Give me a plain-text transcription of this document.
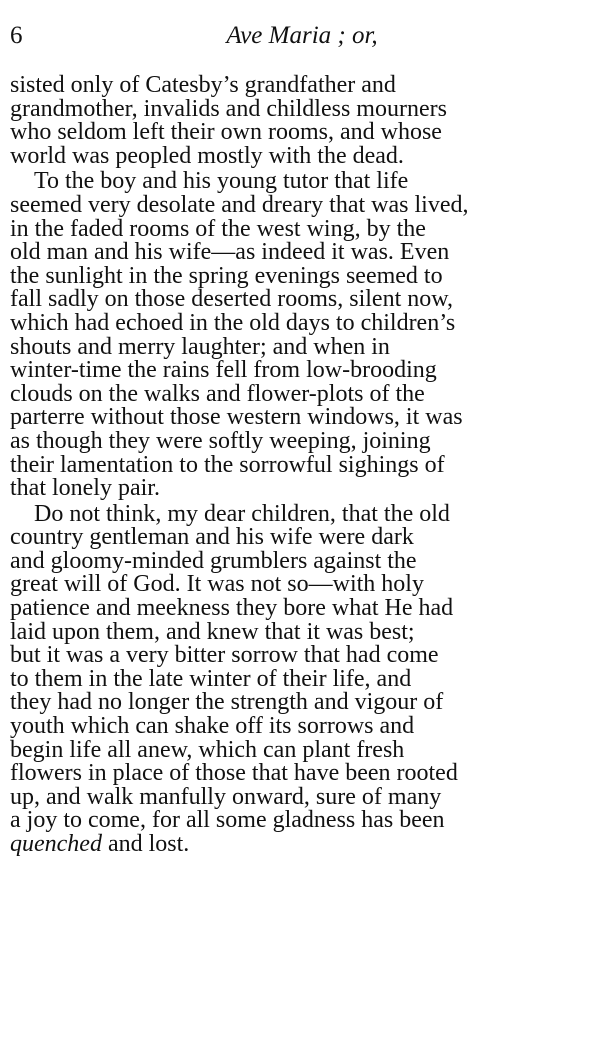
6	Ave Maria ; or,
sisted only of Catesby’s grandfather and
grandmother, invalids and childless mourners
who seldom left their own rooms, and whose
world was peopled mostly with the dead.
To the boy and his young tutor that life
seemed very desolate and dreary that was lived,
in the faded rooms of the west wing, by the
old man and his wife—as indeed it was. Even
the sunlight in the spring evenings seemed to
fall sadly on those deserted rooms, silent now,
which had echoed in the old days to children’s
shouts and merry laughter; and when in
winter-time the rains fell from low-brooding
clouds on the walks and flower-plots of the
parterre without those western windows, it was
as though they were softly weeping, joining
their lamentation to the sorrowful sighings of
that lonely pair.
Do not think, my dear children, that the old
country gentleman and his wife were dark
and gloomy-minded grumblers against the
great will of God. It was not so—with holy
patience and meekness they bore what He had
laid upon them, and knew that it was best;
but it was a very bitter sorrow that had come
to them in the late winter of their life, and
they had no longer the strength and vigour of
youth which can shake off its sorrows and
begin life all anew, which can plant fresh
flowers in place of those that have been rooted
up, and walk manfully onward, sure of many
a joy to come, for all some gladness has been
quenched and lost.
